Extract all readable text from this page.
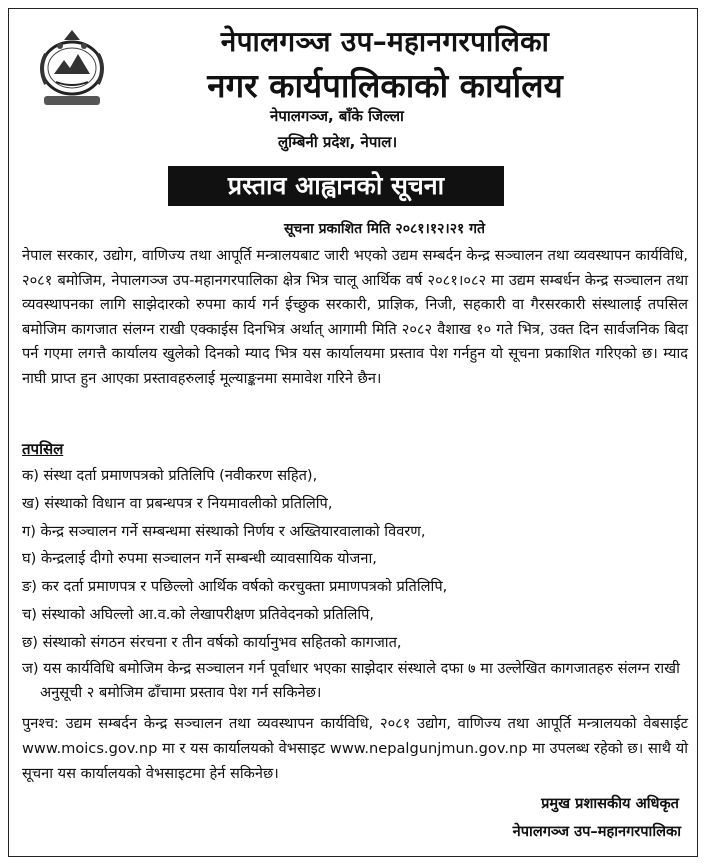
नेपालगञ्ज उप–महानगरपालिका
नगर कार्यपालिकाको कार्यालय
नेपालगञ्ज, बाँके जिल्ला
लुम्बिनी प्रदेश, नेपाल।
प्रस्ताव आह्वानको सूचना
सूचना प्रकाशित मिति २०८१।१२।२१ गते
नेपाल सरकार, उद्योग, वाणिज्य तथा आपूर्ति मन्त्रालयबाट जारी भएको उद्यम सम्बर्दन केन्द्र सञ्चालन तथा व्यवस्थापन कार्यविधि, २०८१ बमोजिम, नेपालगञ्ज उप-महानगरपालिका क्षेत्र भित्र चालू आर्थिक वर्ष २०८१।०८२ मा उद्यम सम्बर्धन केन्द्र सञ्चालन तथा व्यवस्थापनका लागि साझेदारको रुपमा कार्य गर्न ईच्छुक सरकारी, प्राज्ञिक, निजी, सहकारी वा गैरसरकारी संस्थालाई तपसिल बमोजिम कागजात संलग्न राखी एक्काईस दिनभित्र अर्थात् आगामी मिति २०८२ वैशाख १० गते भित्र, उक्त दिन सार्वजनिक बिदा पर्न गएमा लगत्तै कार्यालय खुलेको दिनको म्याद भित्र यस कार्यालयमा प्रस्ताव पेश गर्नहुन यो सूचना प्रकाशित गरिएको छ। म्याद नाघी प्राप्त हुन आएका प्रस्तावहरुलाई मूल्याङ्कनमा समावेश गरिने छैन।
तपसिल
क) संस्था दर्ता प्रमाणपत्रको प्रतिलिपि (नवीकरण सहित),
ख) संस्थाको विधान वा प्रबन्धपत्र र नियमावलीको प्रतिलिपि,
ग) केन्द्र सञ्चालन गर्ने सम्बन्धमा संस्थाको निर्णय र अख्तियारवालाको विवरण,
घ) केन्द्रलाई दीगो रुपमा सञ्चालन गर्ने सम्बन्धी व्यावसायिक योजना,
ङ) कर दर्ता प्रमाणपत्र र पछिल्लो आर्थिक वर्षको करचुक्ता प्रमाणपत्रको प्रतिलिपि,
च) संस्थाको अघिल्लो आ.व.को लेखापरीक्षण प्रतिवेदनको प्रतिलिपि,
छ) संस्थाको संगठन संरचना र तीन वर्षको कार्यानुभव सहितको कागजात,
ज) यस कार्यविधि बमोजिम केन्द्र सञ्चालन गर्न पूर्वाधार भएका साझेदार संस्थाले दफा ७ मा उल्लेखित कागजातहरु संलग्न राखी अनुसूची २ बमोजिम ढाँचामा प्रस्ताव पेश गर्न सकिनेछ।
पुनश्च: उद्यम सम्बर्दन केन्द्र सञ्चालन तथा व्यवस्थापन कार्यविधि, २०८१ उद्योग, वाणिज्य तथा आपूर्ति मन्त्रालयको वेबसाईट www.moics.gov.np मा र यस कार्यालयको वेभसाइट www.nepalgunjmun.gov.np मा उपलब्ध रहेको छ। साथै यो सूचना यस कार्यालयको वेभसाइटमा हेर्न सकिनेछ।
प्रमुख प्रशासकीय अधिकृत
नेपालगञ्ज उप–महानगरपालिका
